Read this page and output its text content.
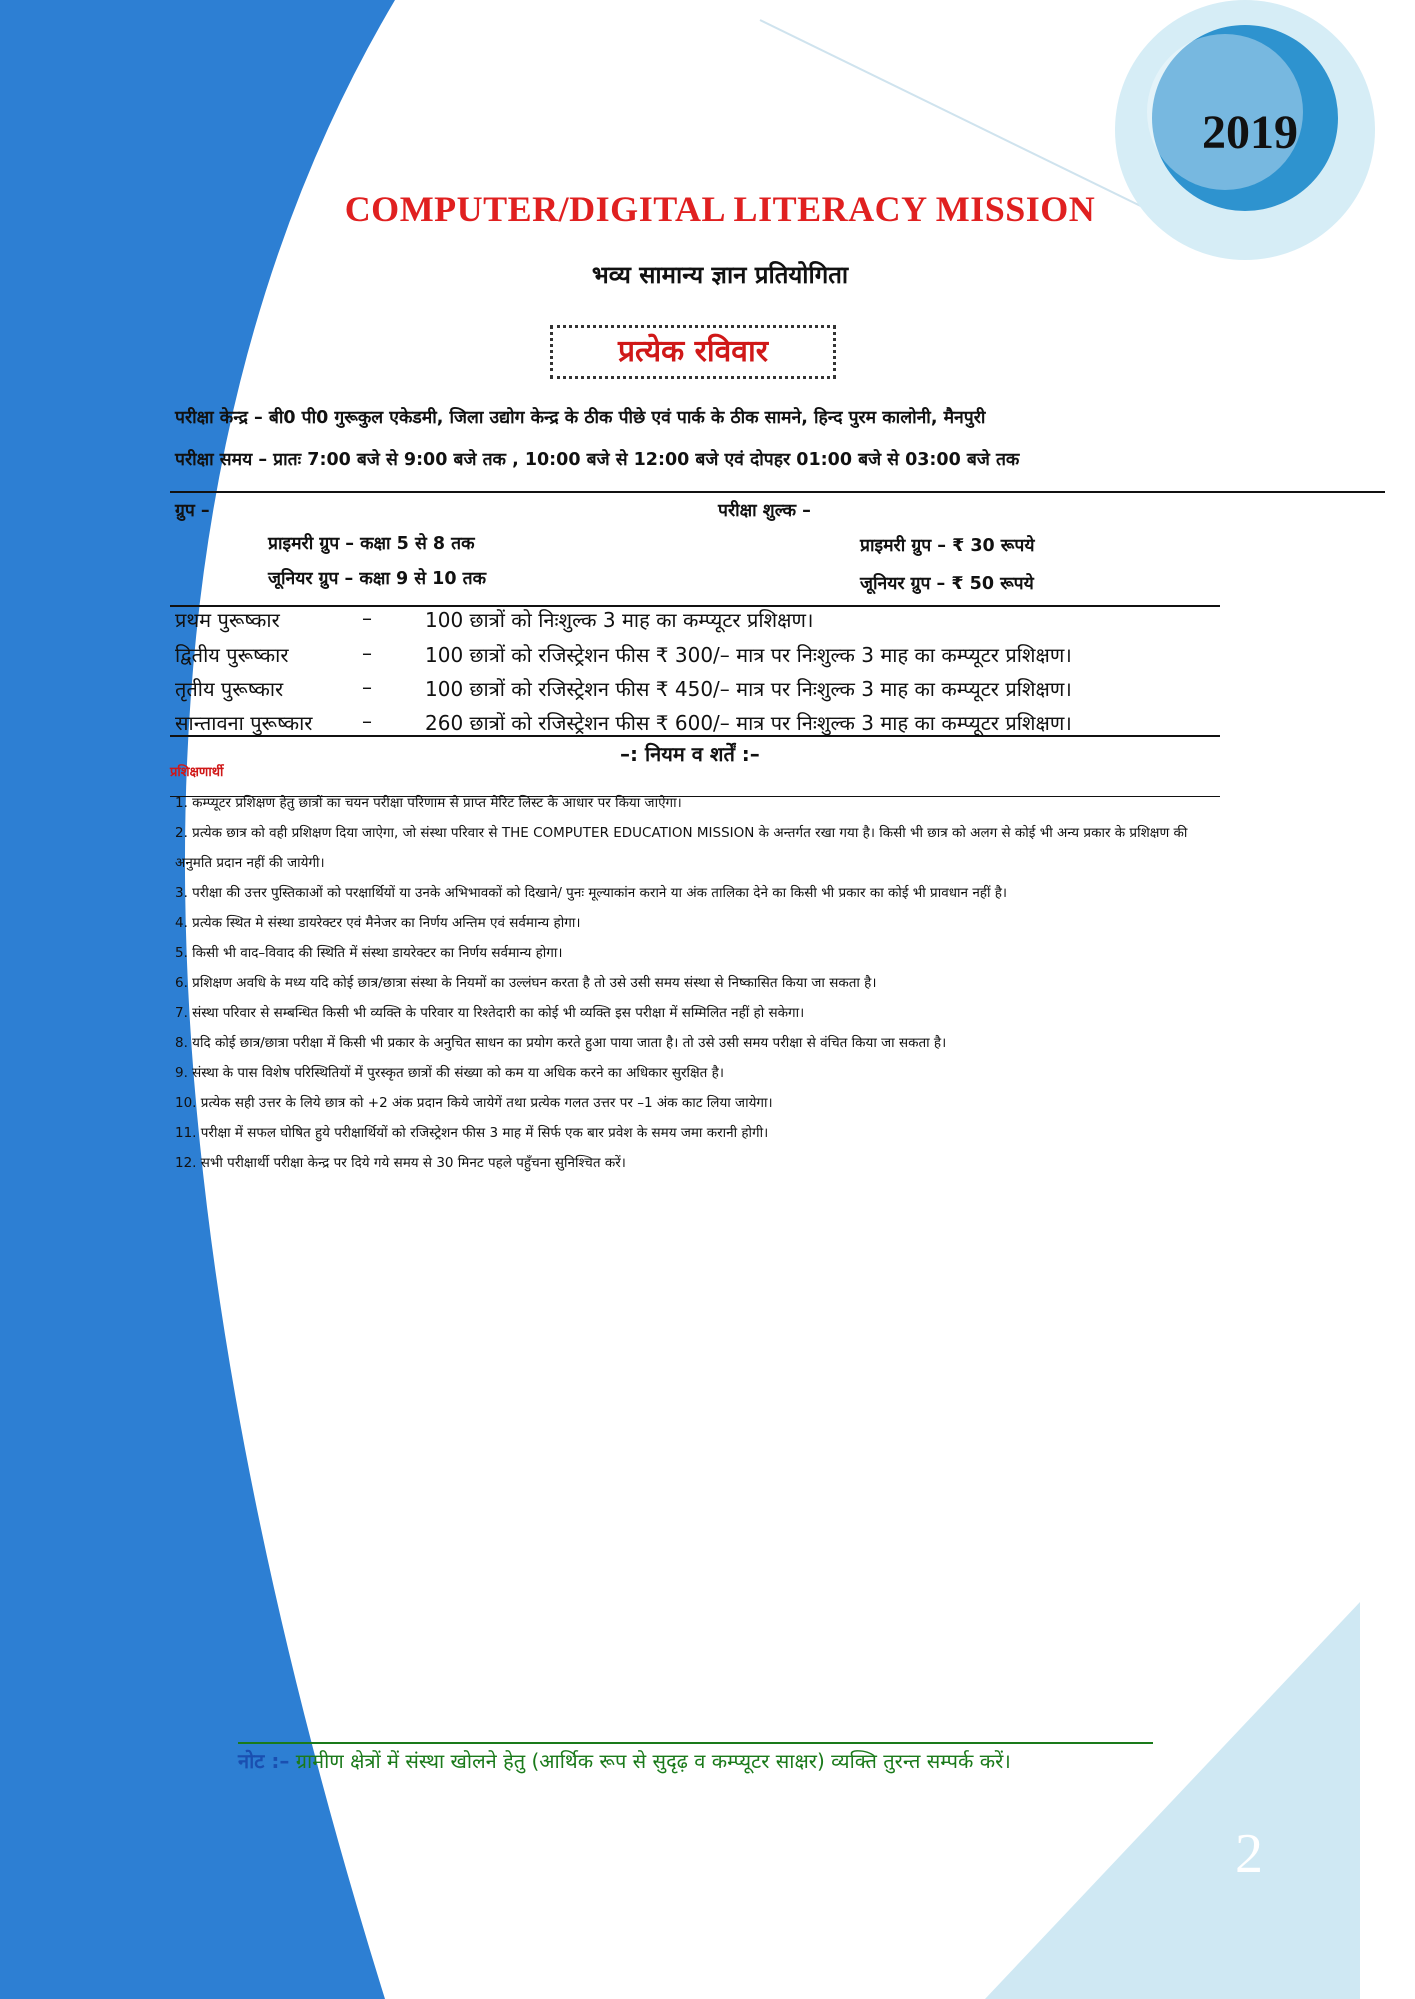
2019
COMPUTER/DIGITAL LITERACY MISSION
भव्य सामान्य ज्ञान प्रतियोगिता
प्रत्येक रविवार
परीक्षा केन्द्र – बी0 पी0 गुरूकुल एकेडमी, जिला उद्योग केन्द्र के ठीक पीछे एवं पार्क के ठीक सामने, हिन्द पुरम कालोनी, मैनपुरी
परीक्षा समय – प्रातः 7:00 बजे से 9:00 बजे तक , 10:00 बजे से 12:00 बजे एवं दोपहर 01:00 बजे से 03:00 बजे तक
ग्रुप –	परीक्षा शुल्क –
प्राइमरी ग्रुप – कक्षा 5 से 8 तक	प्राइमरी ग्रुप – ₹ 30 रूपये
जूनियर ग्रुप – कक्षा 9 से 10 तक	जूनियर ग्रुप – ₹ 50 रूपये
प्रथम पुरूष्कार	–	100 छात्रों को निःशुल्क 3 माह का कम्प्यूटर प्रशिक्षण।
द्वितीय पुरूष्कार	–	100 छात्रों को रजिस्ट्रेशन फीस ₹ 300/– मात्र पर निःशुल्क 3 माह का कम्प्यूटर प्रशिक्षण।
तृतीय पुरूष्कार	–	100 छात्रों को रजिस्ट्रेशन फीस ₹ 450/– मात्र पर निःशुल्क 3 माह का कम्प्यूटर प्रशिक्षण।
सान्तावना पुरूष्कार –	260 छात्रों को रजिस्ट्रेशन फीस ₹ 600/– मात्र पर निःशुल्क 3 माह का कम्प्यूटर प्रशिक्षण।
–: नियम व शर्तें :–
प्रशिक्षणार्थी
1. कम्प्यूटर प्रशिक्षण हेतु छात्रों का चयन परीक्षा परिणाम से प्राप्त मेरिट लिस्ट के आधार पर किया जाऐगा।
2. प्रत्येक छात्र को वही प्रशिक्षण दिया जाऐगा, जो संस्था परिवार से THE COMPUTER EDUCATION MISSION के अन्तर्गत रखा गया है। किसी भी छात्र को अलग से कोई भी अन्य प्रकार के प्रशिक्षण की अनुमति प्रदान नहीं की जायेगी।
3. परीक्षा की उत्तर पुस्तिकाओं को परक्षार्थियों या उनके अभिभावकों को दिखाने/ पुनः मूल्याकांन कराने या अंक तालिका देने का किसी भी प्रकार का कोई भी प्रावधान नहीं है।
4. प्रत्येक स्थित मे संस्था डायरेक्टर एवं मैनेजर का निर्णय अन्तिम एवं सर्वमान्य होगा।
5. किसी भी वाद–विवाद की स्थिति में संस्था डायरेक्टर का निर्णय सर्वमान्य होगा।
6. प्रशिक्षण अवधि के मध्य यदि कोई छात्र/छात्रा संस्था के नियमों का उल्लंघन करता है तो उसे उसी समय संस्था से निष्कासित किया जा सकता है।
7. संस्था परिवार से सम्बन्धित किसी भी व्यक्ति के परिवार या रिश्तेदारी का कोई भी व्यक्ति इस परीक्षा में सम्मिलित नहीं हो सकेगा।
8. यदि कोई छात्र/छात्रा परीक्षा में किसी भी प्रकार के अनुचित साधन का प्रयोग करते हुआ पाया जाता है। तो उसे उसी समय परीक्षा से वंचित किया जा सकता है।
9. संस्था के पास विशेष परिस्थितियों में पुरस्कृत छात्रों की संख्या को कम या अधिक करने का अधिकार सुरक्षित है।
10. प्रत्येक सही उत्तर के लिये छात्र को +2 अंक प्रदान किये जायेगें तथा प्रत्येक गलत उत्तर पर –1 अंक काट लिया जायेगा।
11. परीक्षा में सफल घोषित हुये परीक्षार्थियों को रजिस्ट्रेशन फीस 3 माह में सिर्फ एक बार प्रवेश के समय जमा करानी होगी।
12. सभी परीक्षार्थी परीक्षा केन्द्र पर दिये गये समय से 30 मिनट पहले पहुँचना सुनिश्चित करें।
नोट :– ग्रामीण क्षेत्रों में संस्था खोलने हेतु (आर्थिक रूप से सुदृढ़ व कम्प्यूटर साक्षर) व्यक्ति तुरन्त सम्पर्क करें।
2
